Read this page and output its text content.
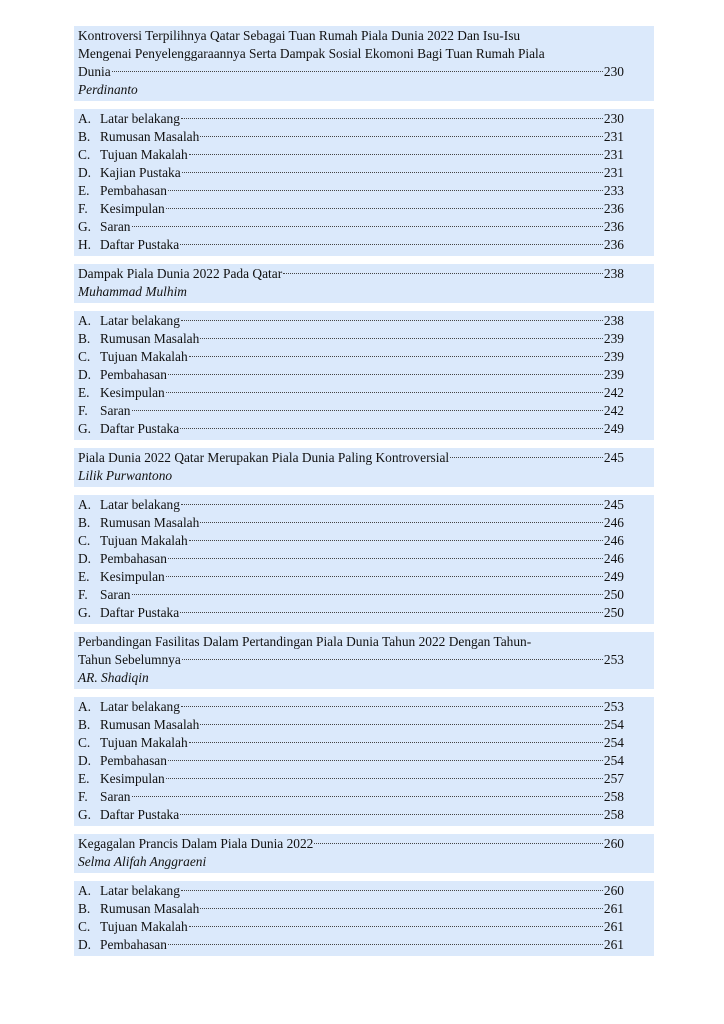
Kontroversi Terpilihnya Qatar Sebagai Tuan Rumah Piala Dunia 2022 Dan Isu-Isu
Mengenai Penyelenggaraannya Serta Dampak Sosial Ekomoni Bagi Tuan Rumah Piala
Dunia	230
Perdinanto
A. Latar belakang	230
B. Rumusan Masalah	231
C. Tujuan Makalah	231
D. Kajian Pustaka	231
E. Pembahasan	233
F. Kesimpulan	236
G. Saran	236
H. Daftar Pustaka	236
Dampak Piala Dunia 2022 Pada Qatar	238
Muhammad Mulhim
A. Latar belakang	238
B. Rumusan Masalah	239
C. Tujuan Makalah	239
D. Pembahasan	239
E. Kesimpulan	242
F. Saran	242
G. Daftar Pustaka	249
Piala Dunia 2022 Qatar Merupakan Piala Dunia Paling Kontroversial	245
Lilik Purwantono
A. Latar belakang	245
B. Rumusan Masalah	246
C. Tujuan Makalah	246
D. Pembahasan	246
E. Kesimpulan	249
F. Saran	250
G. Daftar Pustaka	250
Perbandingan Fasilitas Dalam Pertandingan Piala Dunia Tahun 2022 Dengan Tahun-
Tahun Sebelumnya	253
AR. Shadiqin
A. Latar belakang	253
B. Rumusan Masalah	254
C. Tujuan Makalah	254
D. Pembahasan	254
E. Kesimpulan	257
F. Saran	258
G. Daftar Pustaka	258
Kegagalan Prancis Dalam Piala Dunia 2022	260
Selma Alifah Anggraeni
A. Latar belakang	260
B. Rumusan Masalah	261
C. Tujuan Makalah	261
D. Pembahasan	261
